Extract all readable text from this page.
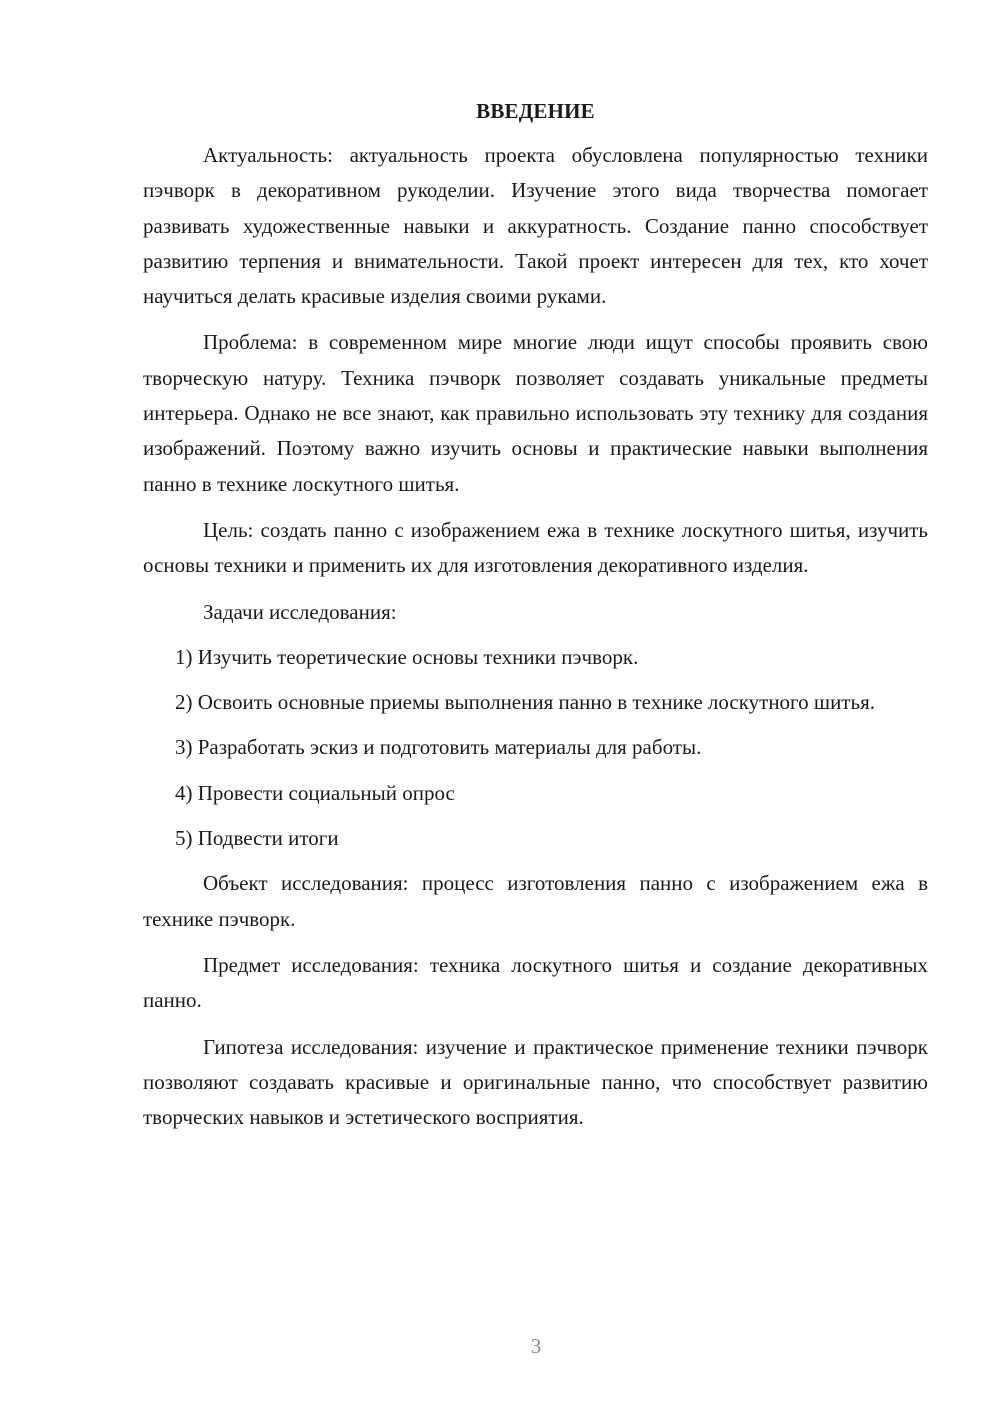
ВВЕДЕНИЕ

Актуальность: актуальность проекта обусловлена популярностью техники пэчворк в декоративном рукоделии. Изучение этого вида творчества помогает развивать художественные навыки и аккуратность. Создание панно способствует развитию терпения и внимательности. Такой проект интересен для тех, кто хочет научиться делать красивые изделия своими руками.

Проблема: в современном мире многие люди ищут способы проявить свою творческую натуру. Техника пэчворк позволяет создавать уникальные предметы интерьера. Однако не все знают, как правильно использовать эту технику для создания изображений. Поэтому важно изучить основы и практические навыки выполнения панно в технике лоскутного шитья.

Цель: создать панно с изображением ежа в технике лоскутного шитья, изучить основы техники и применить их для изготовления декоративного изделия.

Задачи исследования:

1) Изучить теоретические основы техники пэчворк.

2) Освоить основные приемы выполнения панно в технике лоскутного шитья.

3) Разработать эскиз и подготовить материалы для работы.

4) Провести социальный опрос

5) Подвести итоги

Объект исследования: процесс изготовления панно с изображением ежа в технике пэчворк.

Предмет исследования: техника лоскутного шитья и создание декоративных панно.

Гипотеза исследования: изучение и практическое применение техники пэчворк позволяют создавать красивые и оригинальные панно, что способствует развитию творческих навыков и эстетического восприятия.

3
